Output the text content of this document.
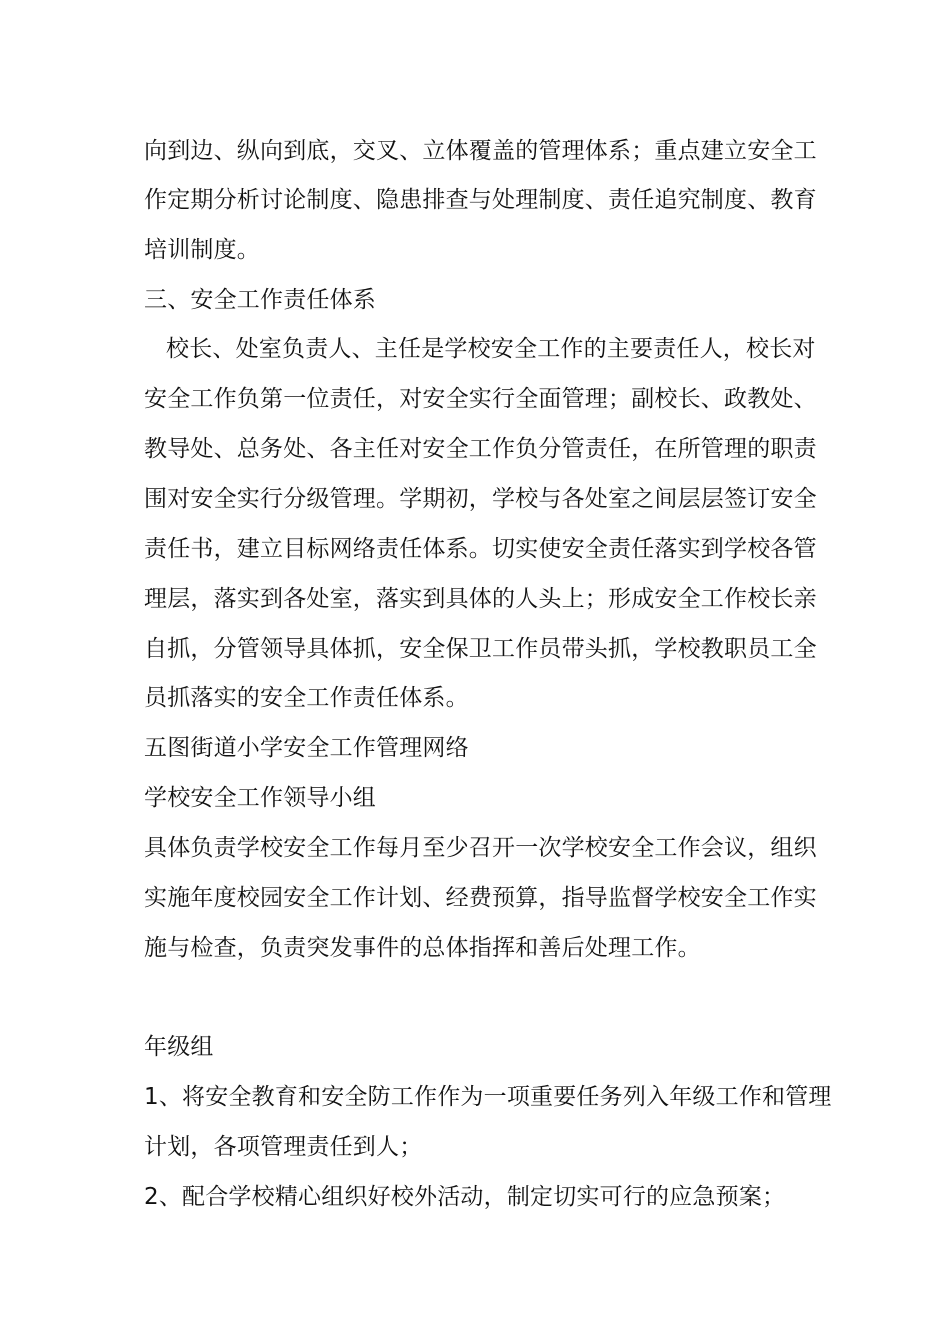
向到边、纵向到底，交叉、立体覆盖的管理体系；重点建立安全工
作定期分析讨论制度、隐患排查与处理制度、责任追究制度、教育
培训制度。
三、安全工作责任体系
校长、处室负责人、主任是学校安全工作的主要责任人，校长对
安全工作负第一位责任，对安全实行全面管理；副校长、政教处、
教导处、总务处、各主任对安全工作负分管责任，在所管理的职责
围对安全实行分级管理。学期初，学校与各处室之间层层签订安全
责任书，建立目标网络责任体系。切实使安全责任落实到学校各管
理层，落实到各处室，落实到具体的人头上；形成安全工作校长亲
自抓，分管领导具体抓，安全保卫工作员带头抓，学校教职员工全
员抓落实的安全工作责任体系。
五图街道小学安全工作管理网络
学校安全工作领导小组
具体负责学校安全工作每月至少召开一次学校安全工作会议，组织
实施年度校园安全工作计划、经费预算，指导监督学校安全工作实
施与检查，负责突发事件的总体指挥和善后处理工作。
年级组
1、将安全教育和安全防工作作为一项重要任务列入年级工作和管理
计划，各项管理责任到人；
2、配合学校精心组织好校外活动，制定切实可行的应急预案；
